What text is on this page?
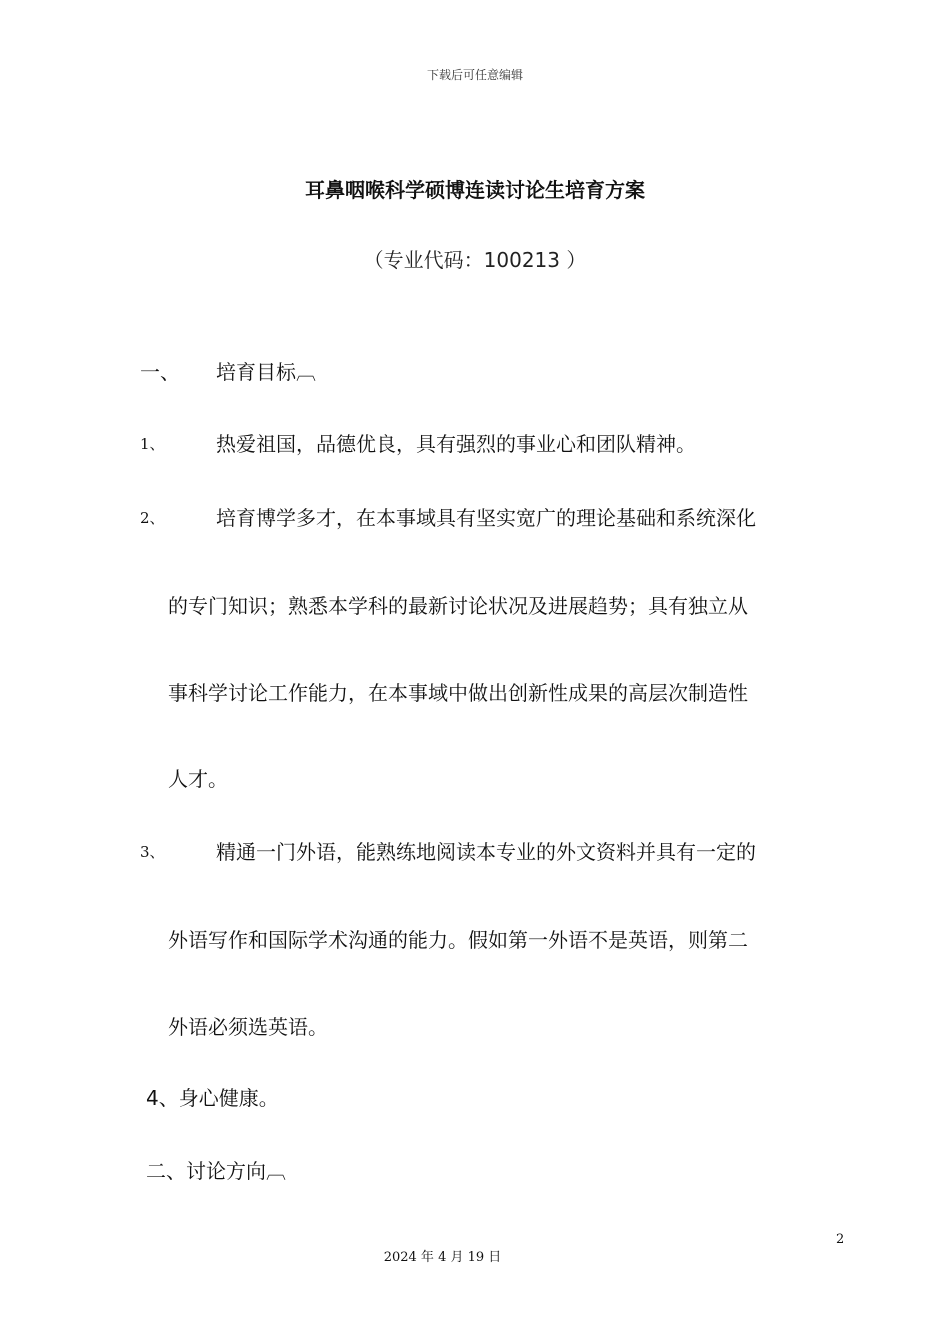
下载后可任意编辑
耳鼻咽喉科学硕博连读讨论生培育方案
（专业代码：100213 ）
一、 培育目标︹
1、	热爱祖国，品德优良，具有强烈的事业心和团队精神。
2、	培育博学多才，在本事域具有坚实宽广的理论基础和系统深化
的专门知识；熟悉本学科的最新讨论状况及进展趋势；具有独立从
事科学讨论工作能力，在本事域中做出创新性成果的高层次制造性
人才。
3、	精通一门外语，能熟练地阅读本专业的外文资料并具有一定的
外语写作和国际学术沟通的能力。假如第一外语不是英语，则第二
外语必须选英语。
4、身心健康。
二、讨论方向︹
2
2024 年 4 月 19 日
